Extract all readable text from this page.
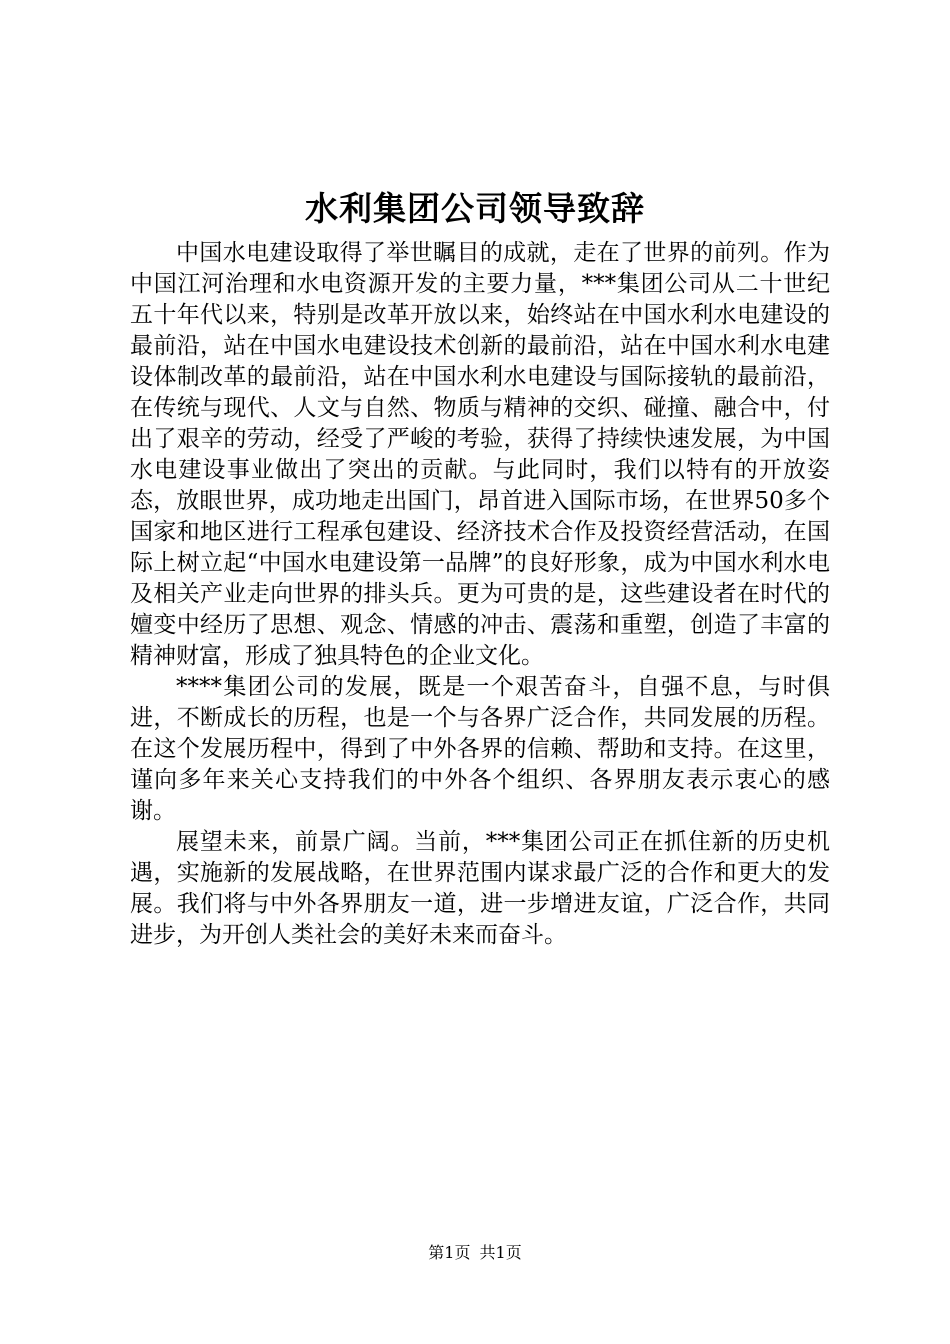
水利集团公司领导致辞

中国水电建设取得了举世瞩目的成就，走在了世界的前列。作为中国江河治理和水电资源开发的主要力量，***集团公司从二十世纪五十年代以来，特别是改革开放以来，始终站在中国水利水电建设的最前沿，站在中国水电建设技术创新的最前沿，站在中国水利水电建设体制改革的最前沿，站在中国水利水电建设与国际接轨的最前沿，在传统与现代、人文与自然、物质与精神的交织、碰撞、融合中，付出了艰辛的劳动，经受了严峻的考验，获得了持续快速发展，为中国水电建设事业做出了突出的贡献。与此同时，我们以特有的开放姿态，放眼世界，成功地走出国门，昂首进入国际市场，在世界50多个国家和地区进行工程承包建设、经济技术合作及投资经营活动，在国际上树立起“中国水电建设第一品牌”的良好形象，成为中国水利水电及相关产业走向世界的排头兵。更为可贵的是，这些建设者在时代的嬗变中经历了思想、观念、情感的冲击、震荡和重塑，创造了丰富的精神财富，形成了独具特色的企业文化。

****集团公司的发展，既是一个艰苦奋斗，自强不息，与时俱进，不断成长的历程，也是一个与各界广泛合作，共同发展的历程。在这个发展历程中，得到了中外各界的信赖、帮助和支持。在这里，谨向多年来关心支持我们的中外各个组织、各界朋友表示衷心的感谢。

展望未来，前景广阔。当前，***集团公司正在抓住新的历史机遇，实施新的发展战略，在世界范围内谋求最广泛的合作和更大的发展。我们将与中外各界朋友一道，进一步增进友谊，广泛合作，共同进步，为开创人类社会的美好未来而奋斗。

第1页 共1页
